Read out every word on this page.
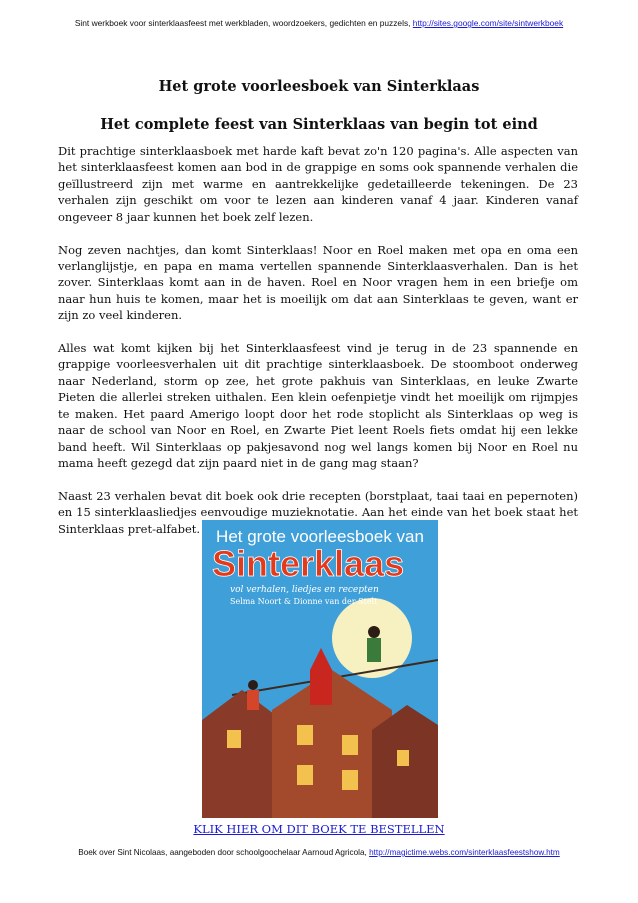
Sint werkboek voor sinterklaasfeest met werkbladen, woordzoekers, gedichten en puzzels, http://sites.google.com/site/sintwerkboek
Het grote voorleesboek van Sinterklaas
Het complete feest van Sinterklaas van begin tot eind

Dit prachtige sinterklaasboek met harde kaft bevat zo'n 120 pagina's. Alle aspecten van het sinterklaasfeest komen aan bod in de grappige en soms ook spannende verhalen die geïllustreerd zijn met warme en aantrekkelijke gedetailleerde tekeningen. De 23 verhalen zijn geschikt om voor te lezen aan kinderen vanaf 4 jaar. Kinderen vanaf ongeveer 8 jaar kunnen het boek zelf lezen.

Nog zeven nachtjes, dan komt Sinterklaas! Noor en Roel maken met opa en oma een verlanglijstje, en papa en mama vertellen spannende Sinterklaasverhalen. Dan is het zover. Sinterklaas komt aan in de haven. Roel en Noor vragen hem in een briefje om naar hun huis te komen, maar het is moeilijk om dat aan Sinterklaas te geven, want er zijn zo veel kinderen.

Alles wat komt kijken bij het Sinterklaasfeest vind je terug in de 23 spannende en grappige voorleesverhalen uit dit prachtige sinterklaasboek. De stoomboot onderweg naar Nederland, storm op zee, het grote pakhuis van Sinterklaas, en leuke Zwarte Pieten die allerlei streken uithalen. Een klein oefenpietje vindt het moeilijk om rijmpjes te maken. Het paard Amerigo loopt door het rode stoplicht als Sinterklaas op weg is naar de school van Noor en Roel, en Zwarte Piet leent Roels fiets omdat hij een lekke band heeft. Wil Sinterklaas op pakjesavond nog wel langs komen bij Noor en Roel nu mama heeft gezegd dat zijn paard niet in de gang mag staan?

Naast 23 verhalen bevat dit boek ook drie recepten (borstplaat, taai taai en pepernoten) en 15 sinterklaasliedjes eenvoudige muzieknotatie. Aan het einde van het boek staat het Sinterklaas pret-alfabet. Het grote voorleesboek van
Sinterklaas
vol verhalen, liedjes en recepten
Selma Noort & Dionne van der Stelt
KLIK HIER OM DIT BOEK TE BESTELLEN
Boek over Sint Nicolaas, aangeboden door schoolgoochelaar Aarnoud Agricola, http://magictime.webs.com/sinterklaasfeestshow.htm
